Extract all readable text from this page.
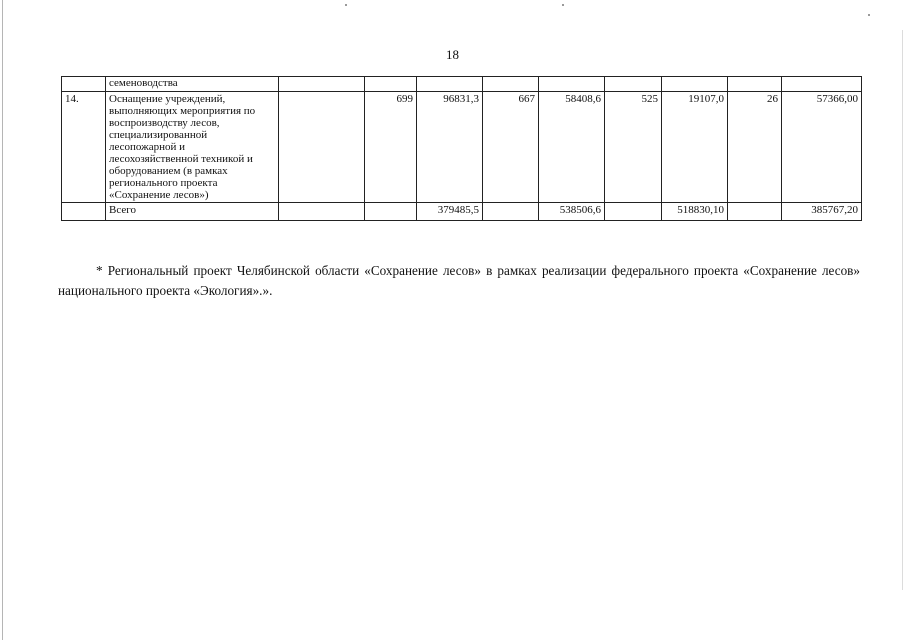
18
	семеноводства									
14.	Оснащение учреждений, выполняющих мероприятия по воспроизводству лесов, специализированной лесопожарной и лесохозяйственной техникой и оборудованием (в рамках регионального проекта «Сохранение лесов»)		699	96831,3	667	58408,6	525	19107,0	26	57366,00
	Всего			379485,5		538506,6		518830,10		385767,20

* Региональный проект Челябинской области «Сохранение лесов» в рамках реализации федерального проекта «Сохранение лесов» национального проекта «Экология».».
